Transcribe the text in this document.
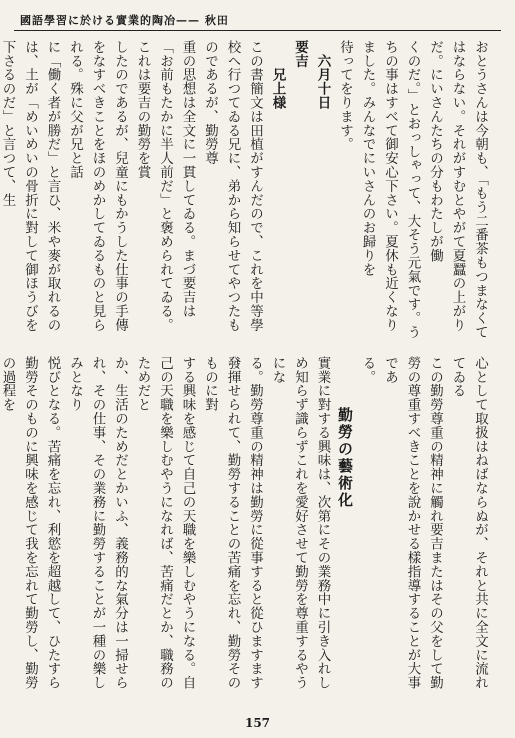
國語學習に於ける實業的陶冶—— 秋田

おとうさんは今朝も、「もう二番茶もつまなくてはならない。それがすむとやがて夏蠶の上がりだ。にいさんたちの分もわたしが働

くのだ。」とおっしゃって、大そう元氣です。うちの事はすべて御安心下さい。夏休も近くなりました。みんなでにいさんのお歸りを

待ってをります。

　六月十日　　　　　　　　　　　　　　　　　　　要吉

　　兄上様

この書簡文は田植がすんだので、これを中等學校へ行つてゐる兄に、弟から知らせてやつたものであるが、勤勞尊

重の思想は全文に一貫してゐる。まづ要吉は「お前もたかに半人前だ」と褒められてゐる。これは要吉の勤勞を賞

したのであるが、兒童にもかうした仕事の手傳をなすべきことをほのめかしてゐるものと見られる。殊に父が兄と話

に「働く者が勝だ」と言ひ、米や麥が取れるのは、土が「めいめいの骨折に對して御ほうびを下さるのだ」と言つて、生

心として取扱はねばならぬが、それと共に全文に流れてゐる

この勤勞尊重の精神に觸れ要吉またはその父をして勤勞の尊重すべきことを說かせる樣指導することが大事であ

る。

　　　勤勞の藝術化

實業に對する興味は、次第にその業務中に引き入れしめ知らず識らずこれを愛好させて勤勞を尊重するやうにな

る。勤勞尊重の精神は勤勞に從事すると從ひますます發揮せられて、勤勞することの苦痛を忘れ、勤勞そのものに對

する興味を感じて自己の天職を樂しむやうになる。自己の天職を樂しむやうになれば、苦痛だとか、職務のためだと

か、生活のためだとかいふ、義務的な氣分は一掃せられ、その仕事、その業務に勤勞することが一種の樂しみとなり

悦びとなる。苦痛を忘れ、利慾を超越して、ひたすら勤勞そのものに興味を感じて我を忘れて勤勞し、勤勞の過程を

157
